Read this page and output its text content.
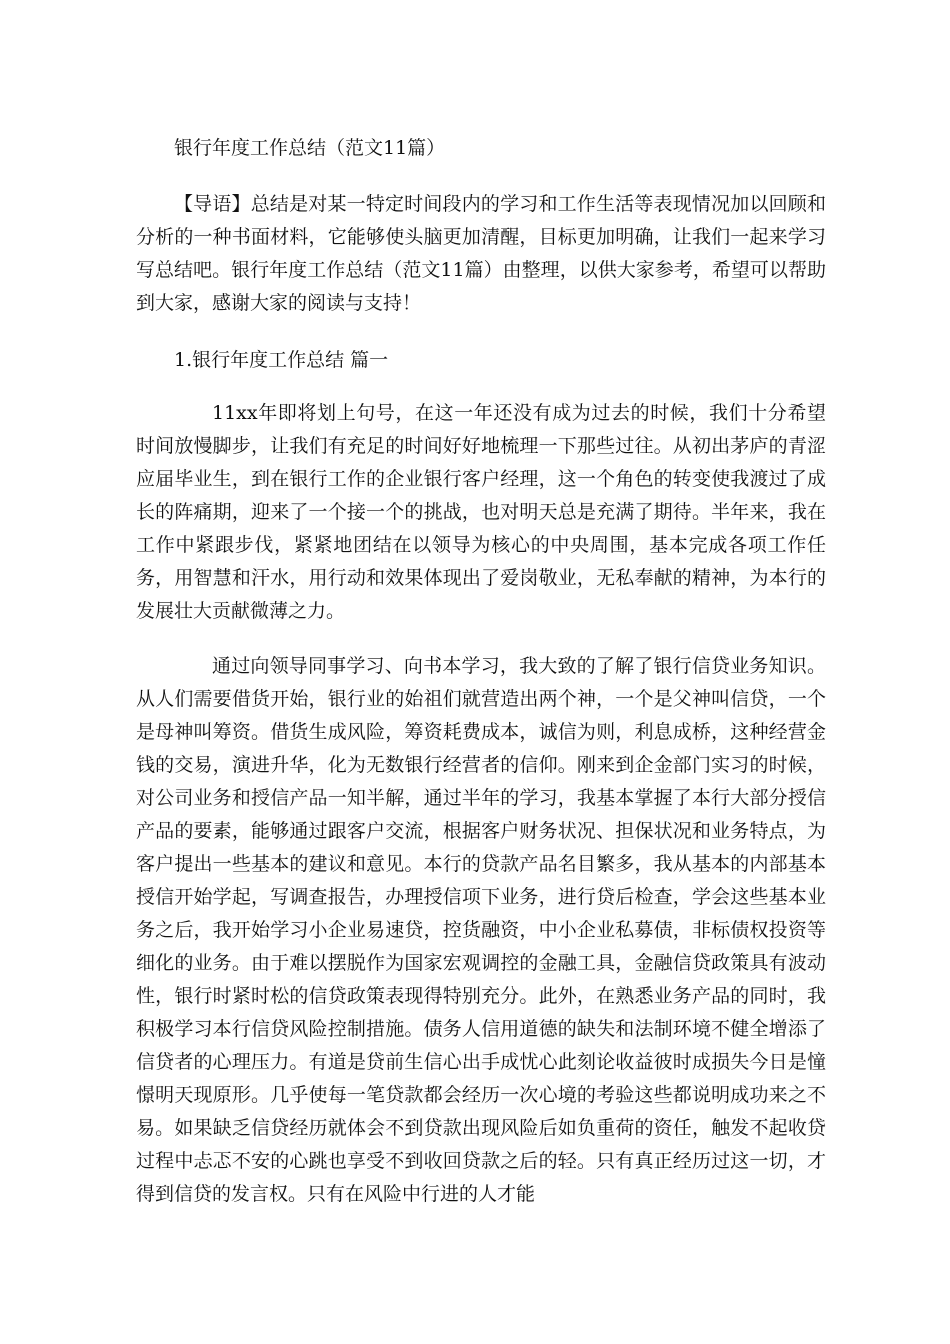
银行年度工作总结（范文11篇）

【导语】总结是对某一特定时间段内的学习和工作生活等表现情况加以回顾和分析的一种书面材料，它能够使头脑更加清醒，目标更加明确，让我们一起来学习写总结吧。银行年度工作总结（范文11篇）由整理，以供大家参考，希望可以帮助到大家，感谢大家的阅读与支持！

1.银行年度工作总结 篇一

11xx年即将划上句号，在这一年还没有成为过去的时候，我们十分希望时间放慢脚步，让我们有充足的时间好好地梳理一下那些过往。从初出茅庐的青涩应届毕业生，到在银行工作的企业银行客户经理，这一个角色的转变使我渡过了成长的阵痛期，迎来了一个接一个的挑战，也对明天总是充满了期待。半年来，我在工作中紧跟步伐，紧紧地团结在以领导为核心的中央周围，基本完成各项工作任务，用智慧和汗水，用行动和效果体现出了爱岗敬业，无私奉献的精神，为本行的发展壮大贡献微薄之力。

通过向领导同事学习、向书本学习，我大致的了解了银行信贷业务知识。从人们需要借货开始，银行业的始祖们就营造出两个神，一个是父神叫信贷，一个是母神叫筹资。借货生成风险，筹资耗费成本，诚信为则，利息成桥，这种经营金钱的交易，演进升华，化为无数银行经营者的信仰。刚来到企金部门实习的时候，对公司业务和授信产品一知半解，通过半年的学习，我基本掌握了本行大部分授信产品的要素，能够通过跟客户交流，根据客户财务状况、担保状况和业务特点，为客户提出一些基本的建议和意见。本行的贷款产品名目繁多，我从基本的内部基本授信开始学起，写调查报告，办理授信项下业务，进行贷后检查，学会这些基本业务之后，我开始学习小企业易速贷，控货融资，中小企业私募债，非标债权投资等细化的业务。由于难以摆脱作为国家宏观调控的金融工具，金融信贷政策具有波动性，银行时紧时松的信贷政策表现得特别充分。此外，在熟悉业务产品的同时，我积极学习本行信贷风险控制措施。债务人信用道德的缺失和法制环境不健全增添了信贷者的心理压力。有道是贷前生信心出手成忧心此刻论收益彼时成损失今日是憧憬明天现原形。几乎使每一笔贷款都会经历一次心境的考验这些都说明成功来之不易。如果缺乏信贷经历就体会不到贷款出现风险后如负重荷的资任，触发不起收贷过程中忐忑不安的心跳也享受不到收回贷款之后的轻。只有真正经历过这一切，才得到信贷的发言权。只有在风险中行进的人才能
